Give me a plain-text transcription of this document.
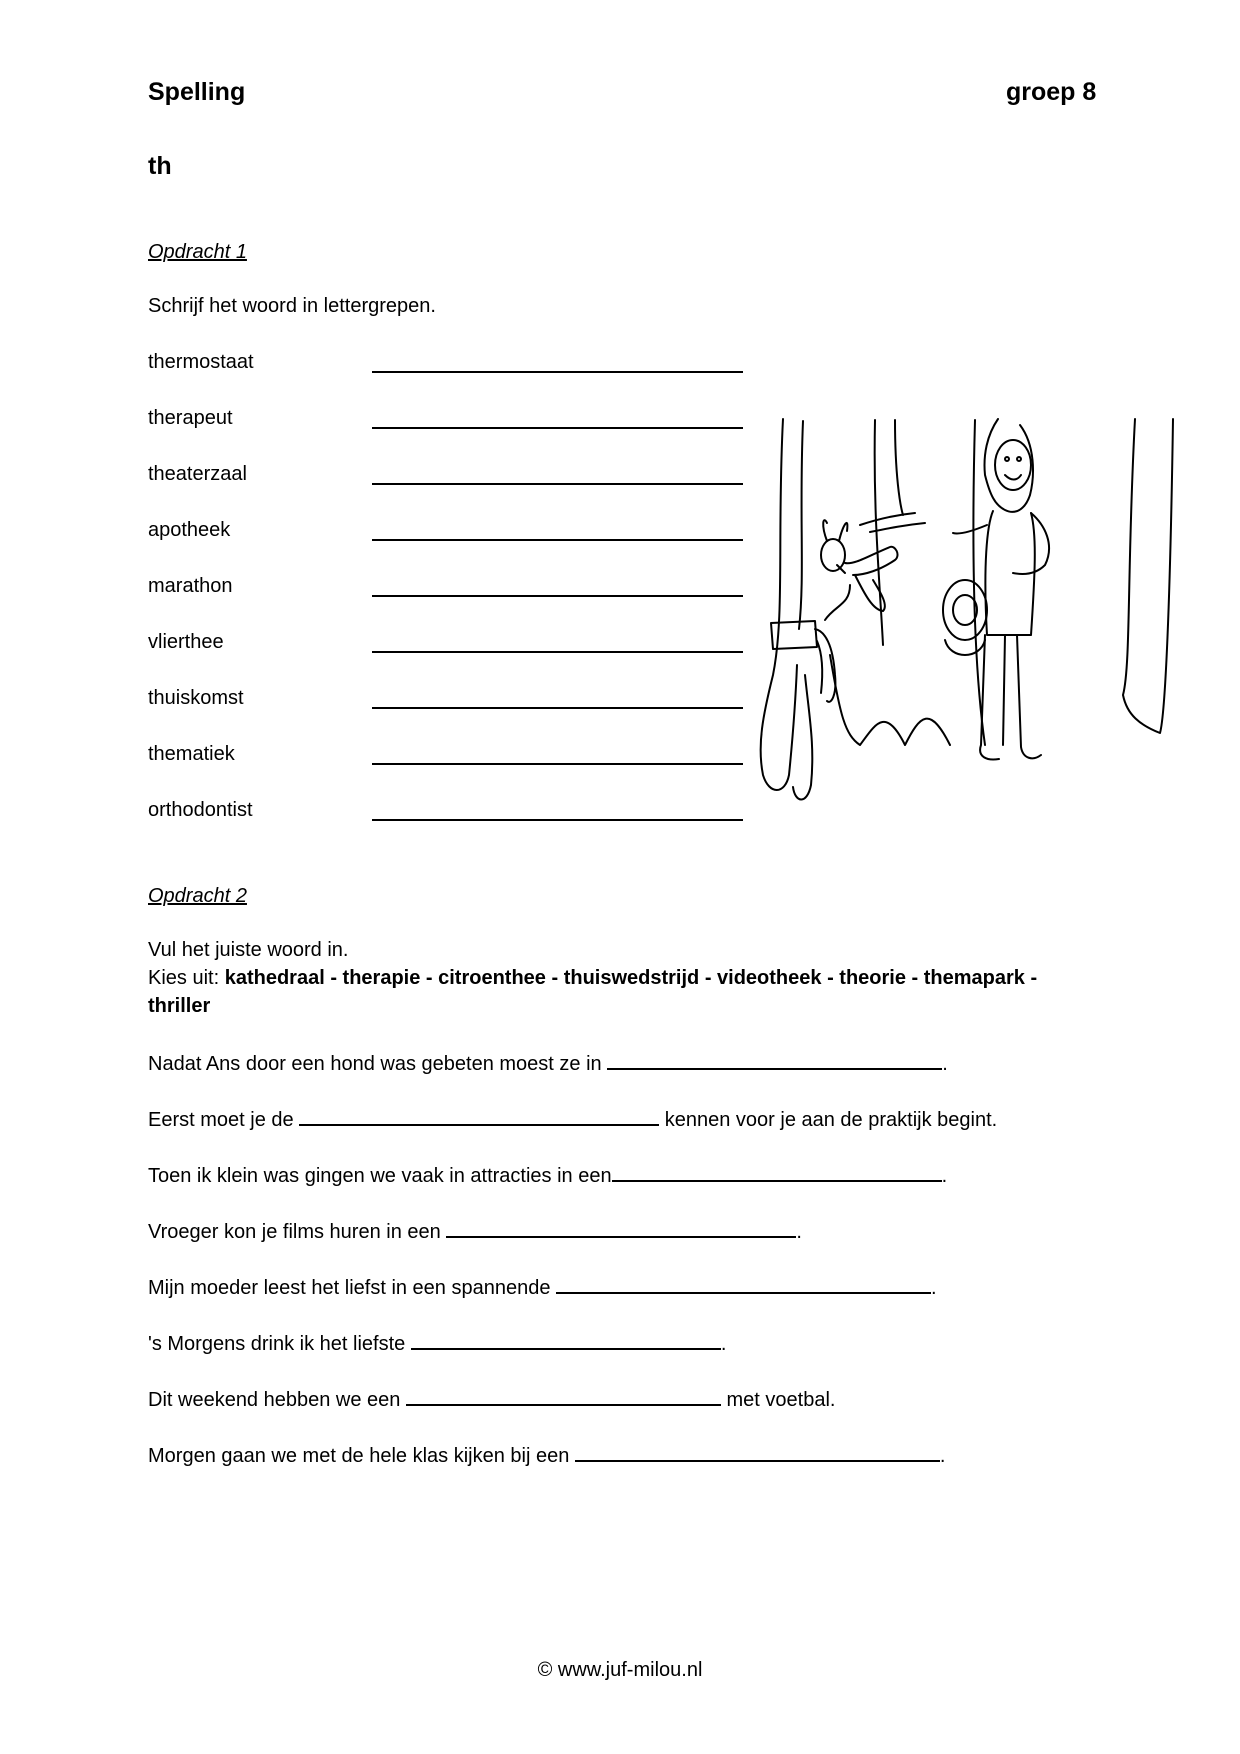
Spelling	groep 8
th
Opdracht 1
Schrijf het woord in lettergrepen.
thermostaat
therapeut
theaterzaal
apotheek
marathon
vlierthee
thuiskomst
thematiek
orthodontist
Opdracht 2
Vul het juiste woord in.
Kies uit: kathedraal - therapie - citroenthee - thuiswedstrijd - videotheek - theorie - themapark -
thriller
Nadat Ans door een hond was gebeten moest ze in	.
Eerst moet je de	kennen voor je aan de praktijk begint.
Toen ik klein was gingen we vaak in attracties in een	.
Vroeger kon je films huren in een	.
Mijn moeder leest het liefst in een spannende	.
's Morgens drink ik het liefste	.
Dit weekend hebben we een	met voetbal.
Morgen gaan we met de hele klas kijken bij een	.
© www.juf-milou.nl
